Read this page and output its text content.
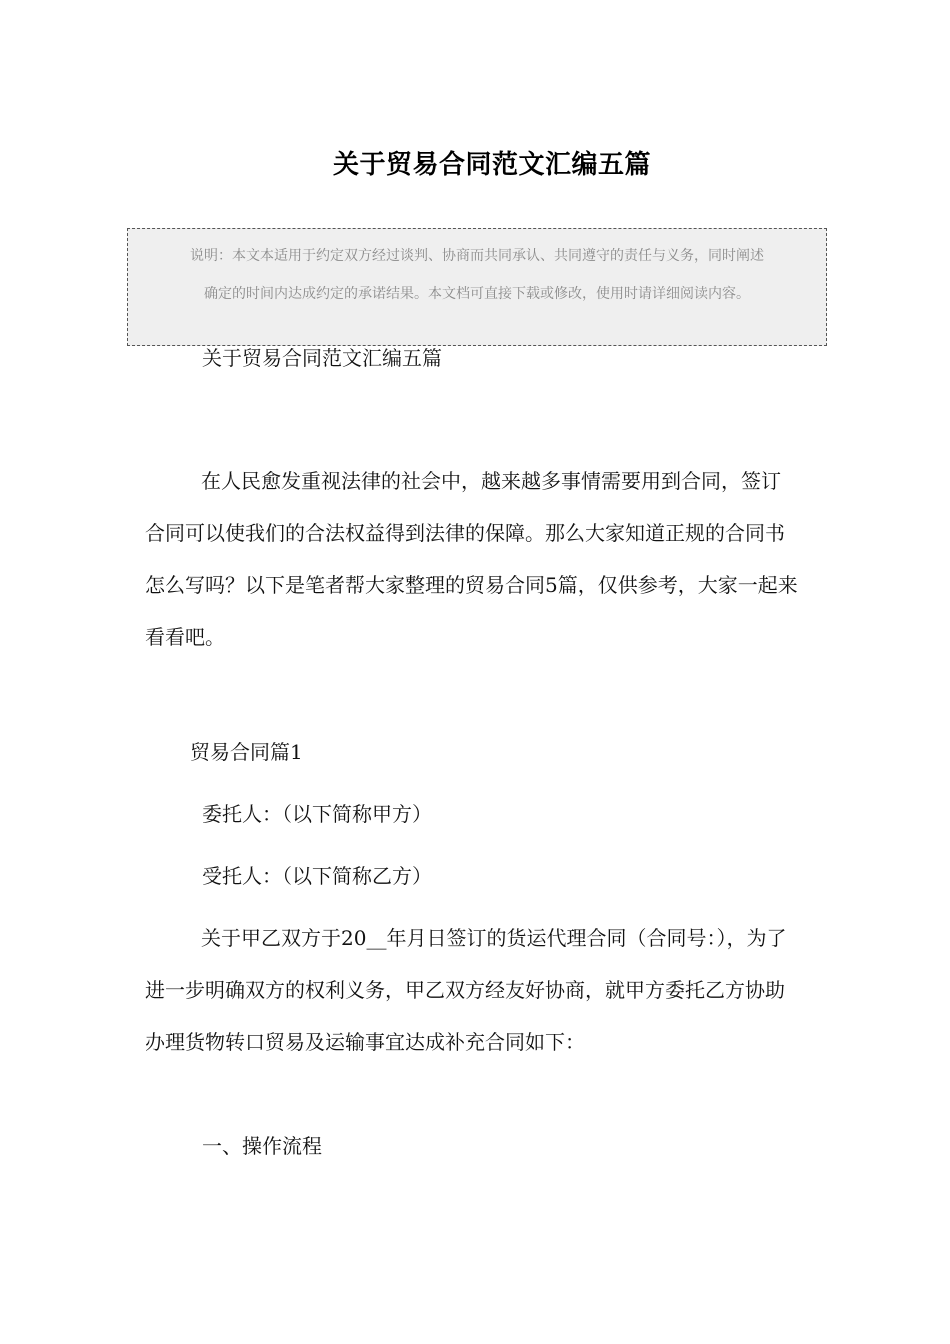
关于贸易合同范文汇编五篇

说明：本文本适用于约定双方经过谈判、协商而共同承认、共同遵守的责任与义务，同时阐述

确定的时间内达成约定的承诺结果。本文档可直接下载或修改，使用时请详细阅读内容。

关于贸易合同范文汇编五篇

在人民愈发重视法律的社会中，越来越多事情需要用到合同，签订合同可以使我们的合法权益得到法律的保障。那么大家知道正规的合同书怎么写吗？以下是笔者帮大家整理的贸易合同5篇，仅供参考，大家一起来看看吧。

贸易合同篇1

委托人：（以下简称甲方）

受托人：（以下简称乙方）

关于甲乙双方于20__年月日签订的货运代理合同（合同号：），为了进一步明确双方的权利义务，甲乙双方经友好协商，就甲方委托乙方协助办理货物转口贸易及运输事宜达成补充合同如下：

一、操作流程
